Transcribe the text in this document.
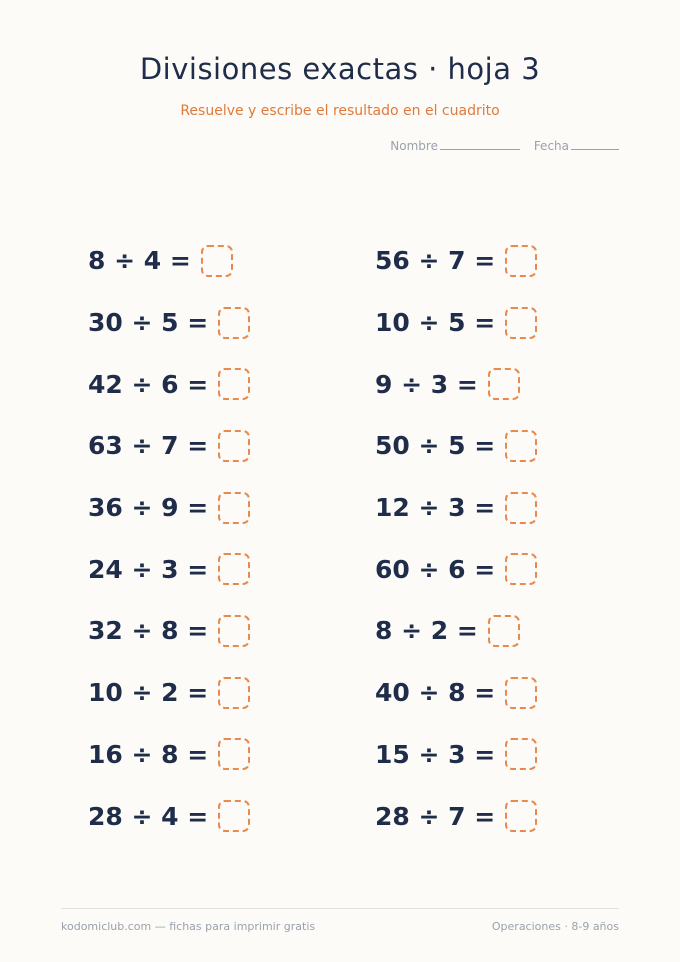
Divisiones exactas · hoja 3
Resuelve y escribe el resultado en el cuadrito
Nombre	Fecha
8 ÷ 4 =
30 ÷ 5 =
42 ÷ 6 =
63 ÷ 7 =
36 ÷ 9 =
24 ÷ 3 =
32 ÷ 8 =
10 ÷ 2 =
16 ÷ 8 =
28 ÷ 4 =
56 ÷ 7 =
10 ÷ 5 =
9 ÷ 3 =
50 ÷ 5 =
12 ÷ 3 =
60 ÷ 6 =
8 ÷ 2 =
40 ÷ 8 =
15 ÷ 3 =
28 ÷ 7 =
kodomiclub.com — fichas para imprimir gratis	Operaciones · 8-9 años
